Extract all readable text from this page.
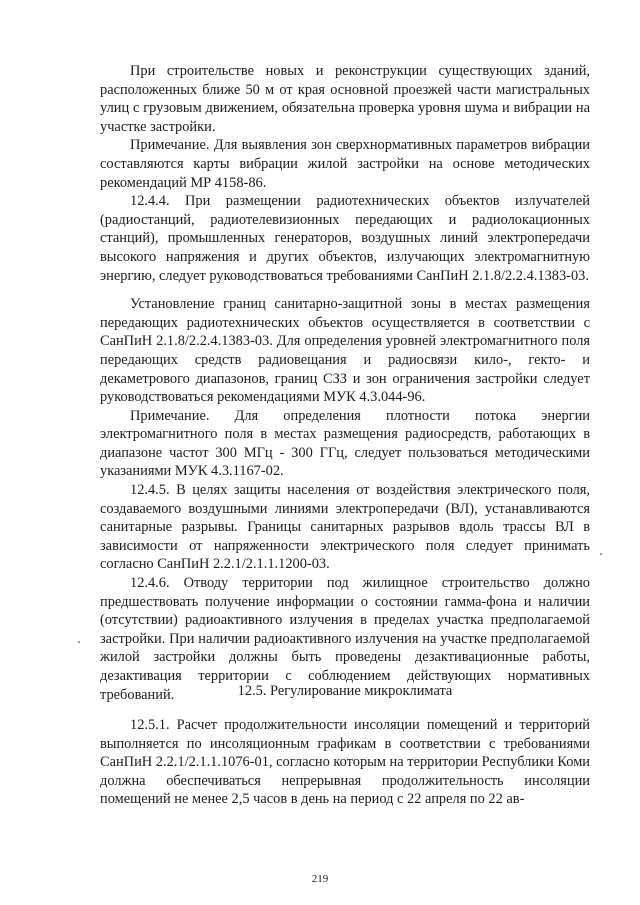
При строительстве новых и реконструкции существующих зданий, расположенных ближе 50 м от края основной проезжей части магистральных улиц с грузовым движением, обязательна проверка уровня шума и вибрации на участке застройки.

Примечание. Для выявления зон сверхнормативных параметров вибрации составляются карты вибрации жилой застройки на основе методических рекомендаций МР 4158-86.

12.4.4. При размещении радиотехнических объектов излучателей (радиостанций, радиотелевизионных передающих и радиолокационных станций), промышленных генераторов, воздушных линий электропередачи высокого напряжения и других объектов, излучающих электромагнитную энергию, следует руководствоваться требованиями СанПиН 2.1.8/2.2.4.1383-03.

Установление границ санитарно-защитной зоны в местах размещения передающих радиотехнических объектов осуществляется в соответствии с СанПиН 2.1.8/2.2.4.1383-03. Для определения уровней электромагнитного поля передающих средств радиовещания и радиосвязи кило-, гекто- и декаметрового диапазонов, границ СЗЗ и зон ограничения застройки следует руководствоваться рекомендациями МУК 4.3.044-96.

Примечание. Для определения плотности потока энергии электромагнитного поля в местах размещения радиосредств, работающих в диапазоне частот 300 МГц - 300 ГГц, следует пользоваться методическими указаниями МУК 4.3.1167-02.

12.4.5. В целях защиты населения от воздействия электрического поля, создаваемого воздушными линиями электропередачи (ВЛ), устанавливаются санитарные разрывы. Границы санитарных разрывов вдоль трассы ВЛ в зависимости от напряженности электрического поля следует принимать согласно СанПиН 2.2.1/2.1.1.1200-03.

12.4.6. Отводу территории под жилищное строительство должно предшествовать получение информации о состоянии гамма-фона и наличии (отсутствии) радиоактивного излучения в пределах участка предполагаемой застройки. При наличии радиоактивного излучения на участке предполагаемой жилой застройки должны быть проведены дезактивационные работы, дезактивация территории с соблюдением действующих нормативных требований.	12.5. Регулирование микроклимата

12.5.1. Расчет продолжительности инсоляции помещений и территорий выполняется по инсоляционным графикам в соответствии с требованиями СанПиН 2.2.1/2.1.1.1076-01, согласно которым на территории Республики Коми должна обеспечиваться непрерывная продолжительность инсоляции помещений не менее 2,5 часов в день на период с 22 апреля по 22 ав-

219
